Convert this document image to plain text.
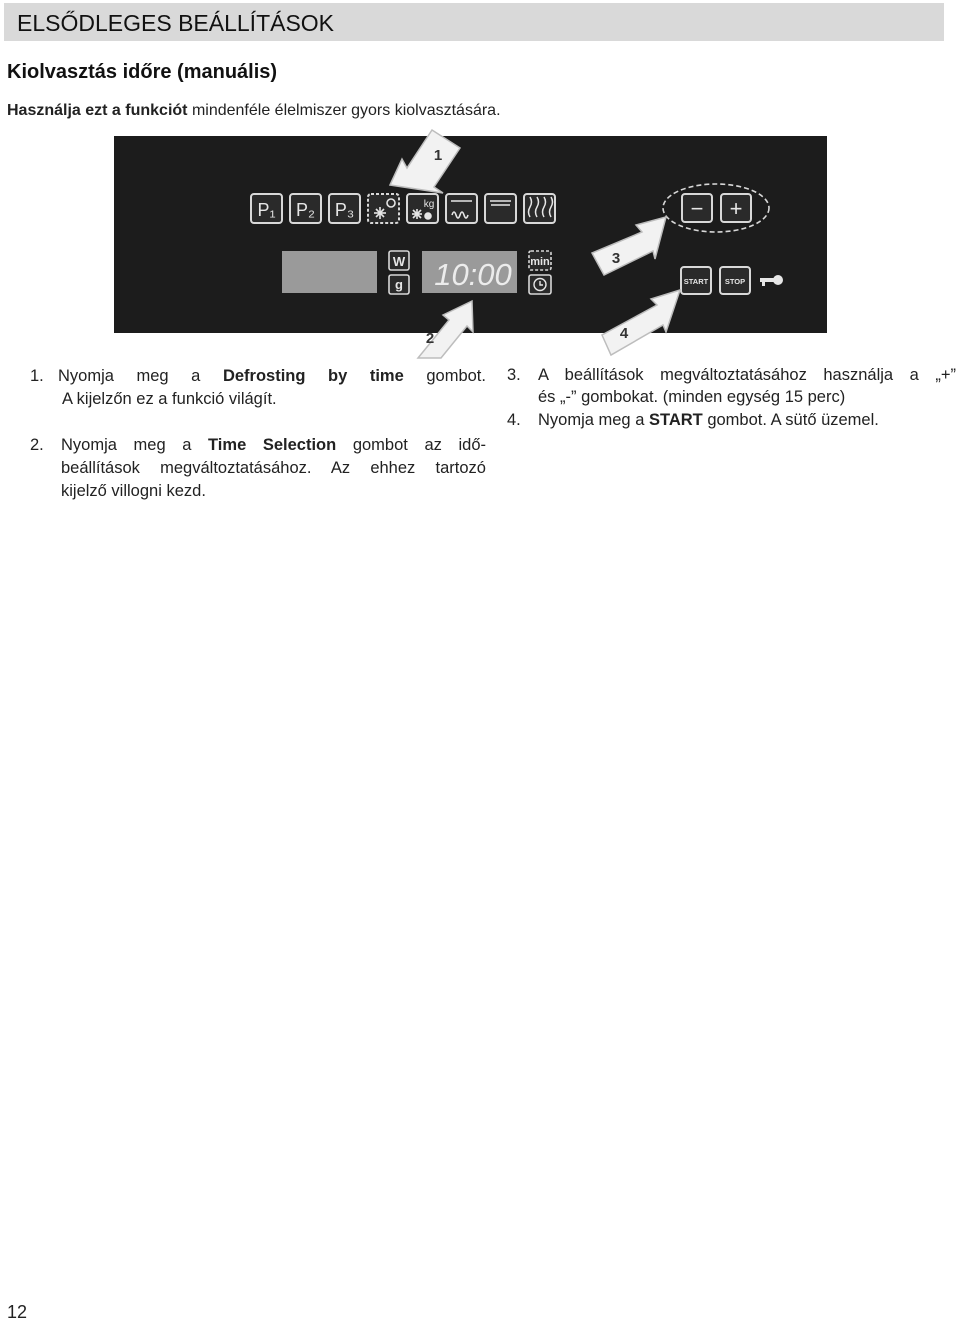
ELSŐDLEGES BEÁLLÍTÁSOK
Kiolvasztás időre (manuális)
Használja ezt a funkciót mindenféle élelmiszer gyors kiolvasztására.
P₁ P₂ P₃	kg	− +
W
g 10:00 min
START STOP
1
2
3
4
1. Nyomja meg a Defrosting by time gombot.
A kijelzőn ez a funkció világít.
2. Nyomja meg a Time Selection gombot az idő-
beállítások megváltoztatásához. Az ehhez tartozó
kijelző villogni kezd.
3. A beállítások megváltoztatásához használja a „+”
és „-” gombokat. (minden egység 15 perc)
4. Nyomja meg a START gombot. A sütő üzemel.
12
